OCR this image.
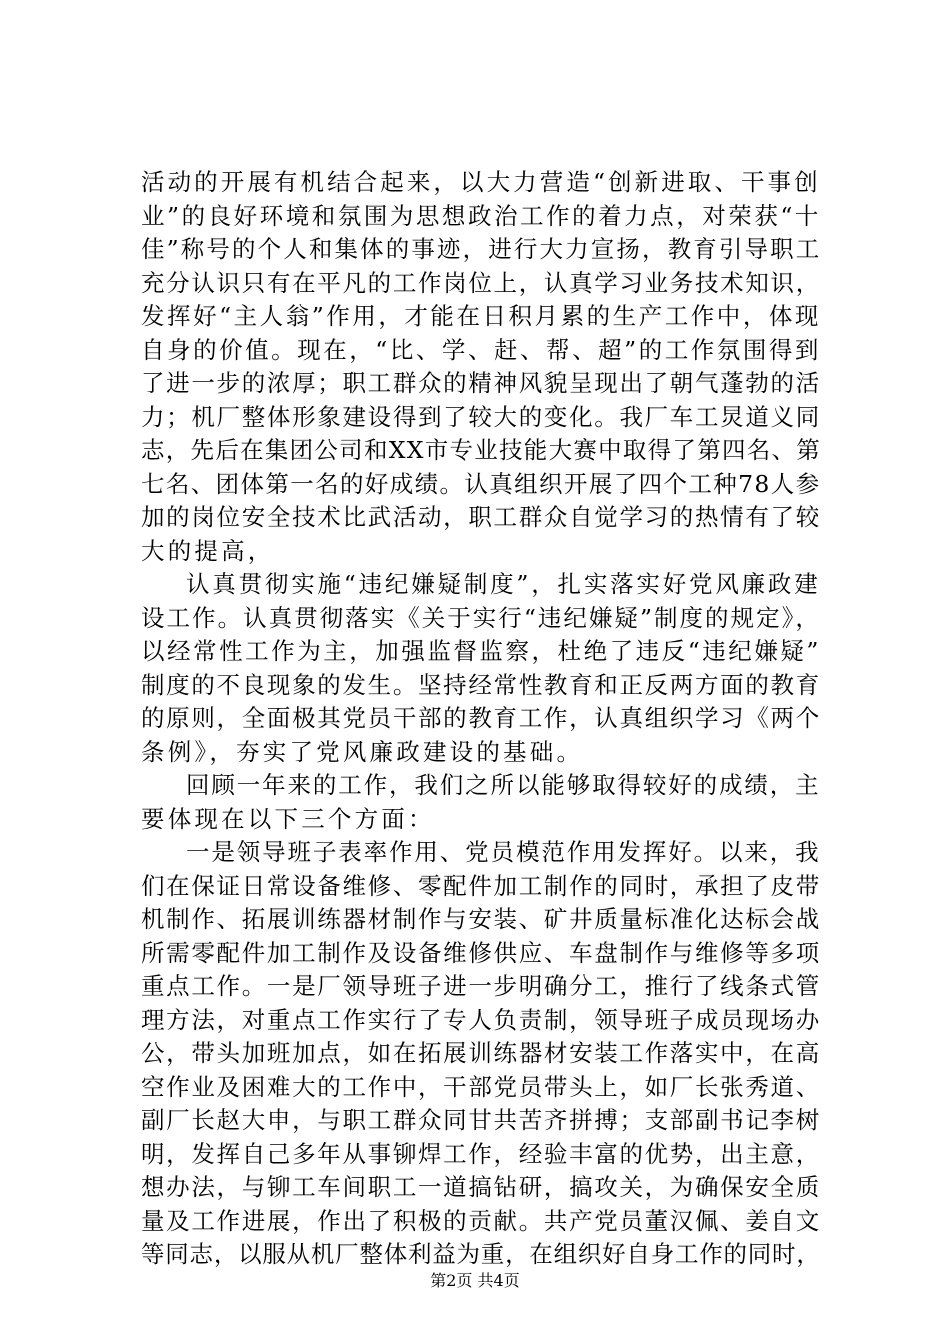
活动的开展有机结合起来，以大力营造“创新进取、干事创
业”的良好环境和氛围为思想政治工作的着力点，对荣获“十
佳”称号的个人和集体的事迹，进行大力宣扬，教育引导职工
充分认识只有在平凡的工作岗位上，认真学习业务技术知识，
发挥好“主人翁”作用，才能在日积月累的生产工作中，体现
自身的价值。现在，“比、学、赶、帮、超”的工作氛围得到
了进一步的浓厚；职工群众的精神风貌呈现出了朝气蓬勃的活
力；机厂整体形象建设得到了较大的变化。我厂车工炅道义同
志，先后在集团公司和XX市专业技能大赛中取得了第四名、第
七名、团体第一名的好成绩。认真组织开展了四个工种78人参
加的岗位安全技术比武活动，职工群众自觉学习的热情有了较
大的提高，
认真贯彻实施“违纪嫌疑制度”，扎实落实好党风廉政建
设工作。认真贯彻落实《关于实行“违纪嫌疑”制度的规定》，
以经常性工作为主，加强监督监察，杜绝了违反“违纪嫌疑”
制度的不良现象的发生。坚持经常性教育和正反两方面的教育
的原则，全面极其党员干部的教育工作，认真组织学习《两个
条例》，夯实了党风廉政建设的基础。
回顾一年来的工作，我们之所以能够取得较好的成绩，主
要体现在以下三个方面：
一是领导班子表率作用、党员模范作用发挥好。以来，我
们在保证日常设备维修、零配件加工制作的同时，承担了皮带
机制作、拓展训练器材制作与安装、矿井质量标准化达标会战
所需零配件加工制作及设备维修供应、车盘制作与维修等多项
重点工作。一是厂领导班子进一步明确分工，推行了线条式管
理方法，对重点工作实行了专人负责制，领导班子成员现场办
公，带头加班加点，如在拓展训练器材安装工作落实中，在高
空作业及困难大的工作中，干部党员带头上，如厂长张秀道、
副厂长赵大申，与职工群众同甘共苦齐拼搏；支部副书记李树
明，发挥自己多年从事铆焊工作，经验丰富的优势，出主意，
想办法，与铆工车间职工一道搞钻研，搞攻关，为确保安全质
量及工作进展，作出了积极的贡献。共产党员董汉佩、姜自文
等同志，以服从机厂整体利益为重，在组织好自身工作的同时，
第2页 共4页
